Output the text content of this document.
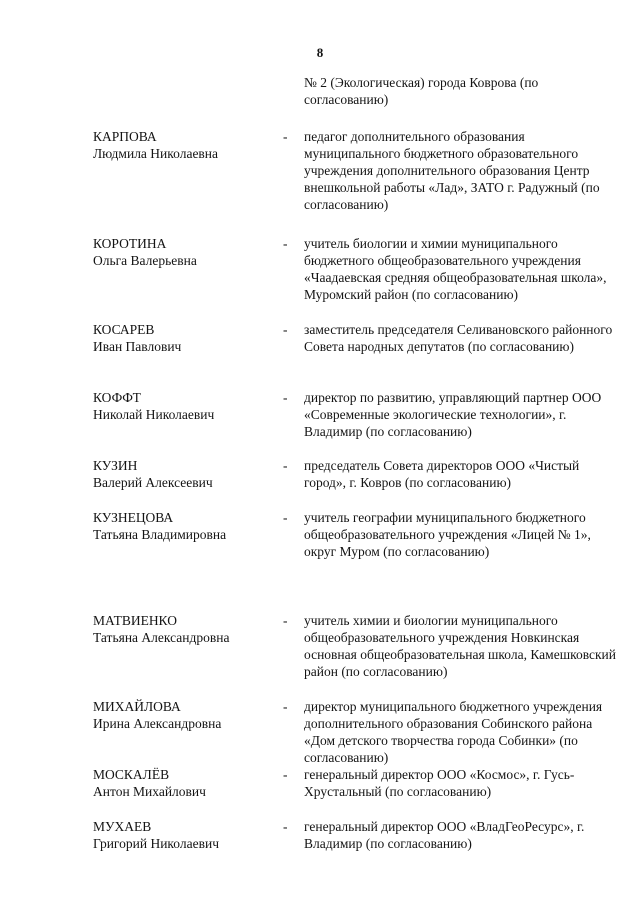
8
№ 2 (Экологическая) города Коврова (по согласованию)
КАРПОВА
Людмила Николаевна
- педагог дополнительного образования муниципального бюджетного образовательного учреждения дополнительного образования Центр внешкольной работы «Лад», ЗАТО г. Радужный (по согласованию)
КОРОТИНА
Ольга Валерьевна
- учитель биологии и химии муниципального бюджетного общеобразовательного учреждения «Чаадаевская средняя общеобразовательная школа», Муромский район (по согласованию)
КОСАРЕВ
Иван Павлович
- заместитель председателя Селивановского районного Совета народных депутатов (по согласованию)
КОФФТ
Николай Николаевич
- директор по развитию, управляющий партнер ООО «Современные экологические технологии», г. Владимир (по согласованию)
КУЗИН
Валерий Алексеевич
- председатель Совета директоров ООО «Чистый город», г. Ковров (по согласованию)
КУЗНЕЦОВА
Татьяна Владимировна
- учитель географии муниципального бюджетного общеобразовательного учреждения «Лицей № 1», округ Муром (по согласованию)
МАТВИЕНКО
Татьяна Александровна
- учитель химии и биологии муниципального общеобразовательного учреждения Новкинская основная общеобразовательная школа, Камешковский район (по согласованию)
МИХАЙЛОВА
Ирина Александровна
- директор муниципального бюджетного учреждения дополнительного образования Собинского района «Дом детского творчества города Собинки» (по согласованию)
МОСКАЛЁВ
Антон Михайлович
- генеральный директор ООО «Космос», г. Гусь-Хрустальный (по согласованию)
МУХАЕВ
Григорий Николаевич
- генеральный директор ООО «ВладГеоРесурс», г. Владимир (по согласованию)
